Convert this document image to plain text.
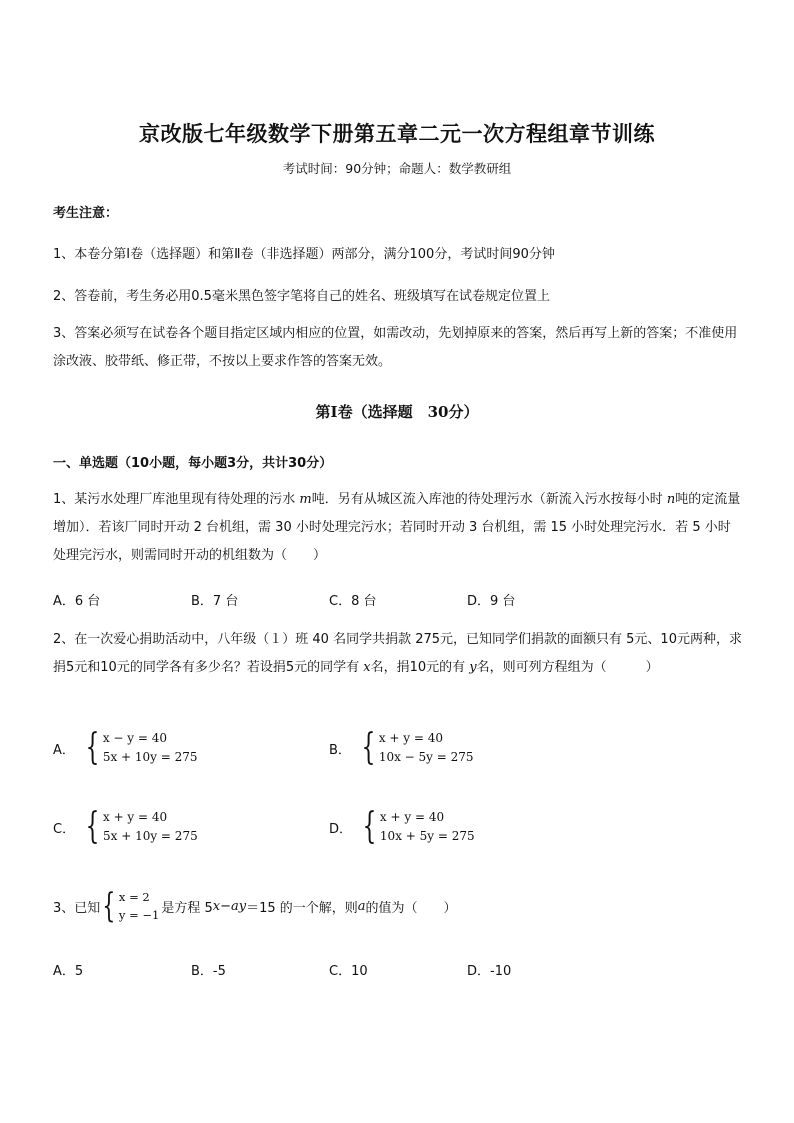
京改版七年级数学下册第五章二元一次方程组章节训练
考试时间：90分钟；命题人：数学教研组
考生注意：
1、本卷分第Ⅰ卷（选择题）和第Ⅱ卷（非选择题）两部分，满分100分，考试时间90分钟
2、答卷前，考生务必用0.5毫米黑色签字笔将自己的姓名、班级填写在试卷规定位置上
3、答案必须写在试卷各个题目指定区域内相应的位置，如需改动，先划掉原来的答案，然后再写上新的答案；不准使用涂改液、胶带纸、修正带，不按以上要求作答的答案无效。
第Ⅰ卷（选择题　30分）
一、单选题（10小题，每小题3分，共计30分）
1、某污水处理厂库池里现有待处理的污水 m吨．另有从城区流入库池的待处理污水（新流入污水按每小时 n吨的定流量增加）．若该厂同时开动 2 台机组，需 30 小时处理完污水；若同时开动 3 台机组，需 15 小时处理完污水．若 5 小时处理完污水，则需同时开动的机组数为（　　）
A．6 台	B．7 台	C．8 台	D．9 台
2、在一次爱心捐助活动中，八年级（１）班 40 名同学共捐款 275元，已知同学们捐款的面额只有 5元、10元两种，求捐5元和10元的同学各有多少名？若设捐5元的同学有 x名，捐10元的有 y名，则可列方程组为（　　　）
A． { x − y = 40
5x + 10y = 275	B． { x + y = 40
10x − 5y = 275
C． { x + y = 40
5x + 10y = 275	D． { x + y = 40
10x + 5y = 275
3、已知 { x = 2
y = −1 是方程 5 x − ay ＝15 的一个解，则 a 的值为（　　）
A．5	B．-5	C．10	D．-10
